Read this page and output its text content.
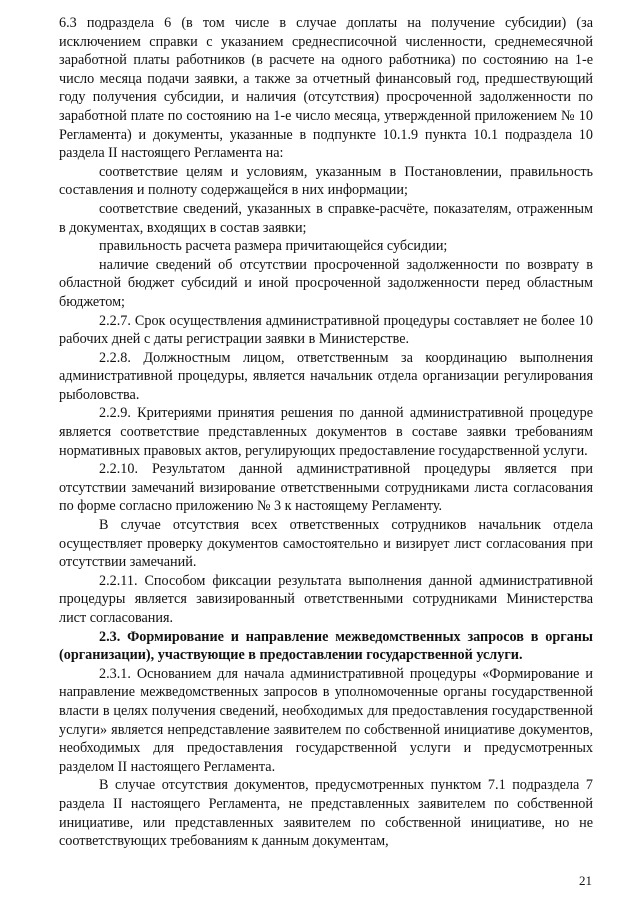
6.3 подраздела 6 (в том числе в случае доплаты на получение субсидии) (за исключением справки с указанием среднесписочной численности, среднемесячной заработной платы работников (в расчете на одного работника) по состоянию на 1-е число месяца подачи заявки, а также за отчетный финансовый год, предшествующий году получения субсидии, и наличия (отсутствия) просроченной задолженности по заработной плате по состоянию на 1-е число месяца, утвержденной приложением № 10 Регламента) и документы, указанные в подпункте 10.1.9 пункта 10.1 подраздела 10 раздела II настоящего Регламента на:

соответствие целям и условиям, указанным в Постановлении, правильность составления и полноту содержащейся в них информации;

соответствие сведений, указанных в справке-расчёте, показателям, отраженным в документах, входящих в состав заявки;

правильность расчета размера причитающейся субсидии;

наличие сведений об отсутствии просроченной задолженности по возврату в областной бюджет субсидий и иной просроченной задолженности перед областным бюджетом;

2.2.7. Срок осуществления административной процедуры составляет не более 10 рабочих дней с даты регистрации заявки в Министерстве.

2.2.8. Должностным лицом, ответственным за координацию выполнения административной процедуры, является начальник отдела организации регулирования рыболовства.

2.2.9. Критериями принятия решения по данной административной процедуре является соответствие представленных документов в составе заявки требованиям нормативных правовых актов, регулирующих предоставление государственной услуги.

2.2.10. Результатом данной административной процедуры является при отсутствии замечаний визирование ответственными сотрудниками листа согласования по форме согласно приложению № 3 к настоящему Регламенту.

В случае отсутствия всех ответственных сотрудников начальник отдела осуществляет проверку документов самостоятельно и визирует лист согласования при отсутствии замечаний.

2.2.11. Способом фиксации результата выполнения данной административной процедуры является завизированный ответственными сотрудниками Министерства лист согласования.

2.3. Формирование и направление межведомственных запросов в органы (организации), участвующие в предоставлении государственной услуги.

2.3.1. Основанием для начала административной процедуры «Формирование и направление межведомственных запросов в уполномоченные органы государственной власти в целях получения сведений, необходимых для предоставления государственной услуги» является непредставление заявителем по собственной инициативе документов, необходимых для предоставления государственной услуги и предусмотренных разделом II настоящего Регламента.

В случае отсутствия документов, предусмотренных пунктом 7.1 подраздела 7 раздела II настоящего Регламента, не представленных заявителем по собственной инициативе, или представленных заявителем по собственной инициативе, но не соответствующих требованиям к данным документам,

21
